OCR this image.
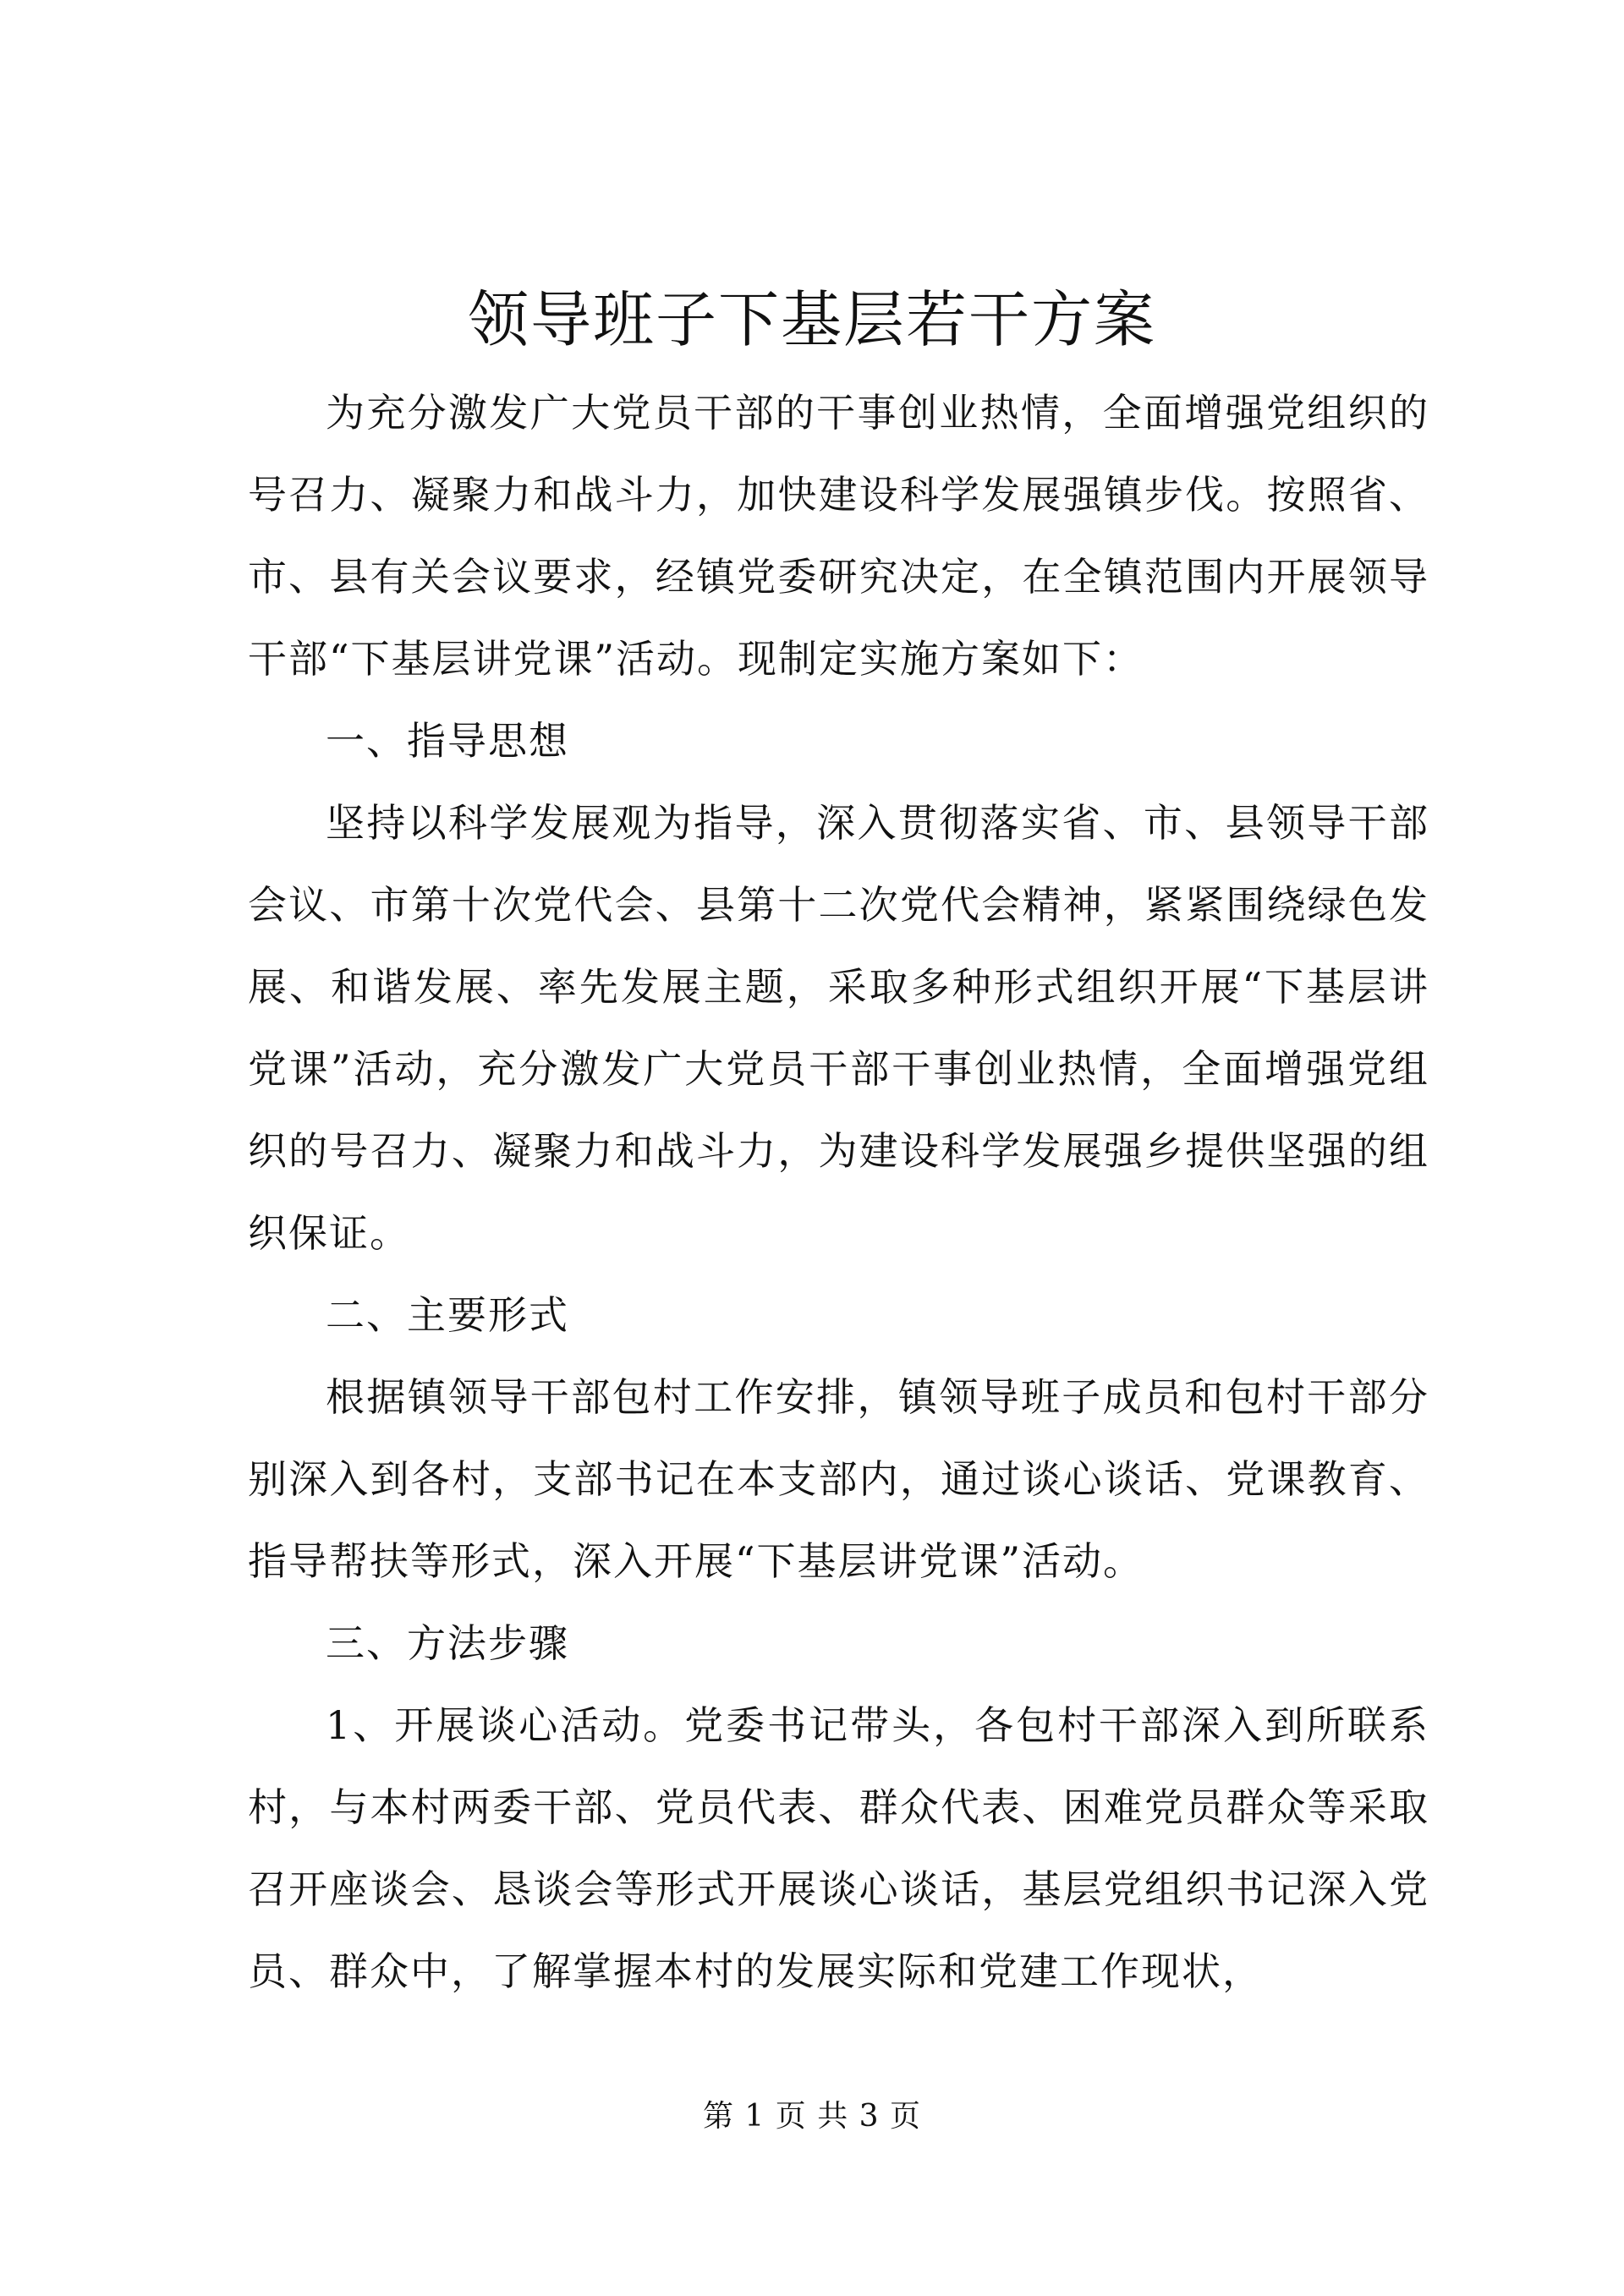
领导班子下基层若干方案

为充分激发广大党员干部的干事创业热情，全面增强党组织的号召力、凝聚力和战斗力，加快建设科学发展强镇步伐。按照省、市、县有关会议要求，经镇党委研究决定，在全镇范围内开展领导干部“下基层讲党课”活动。现制定实施方案如下：

一、指导思想

坚持以科学发展观为指导，深入贯彻落实省、市、县领导干部会议、市第十次党代会、县第十二次党代会精神，紧紧围绕绿色发展、和谐发展、率先发展主题，采取多种形式组织开展“下基层讲党课”活动，充分激发广大党员干部干事创业热情，全面增强党组织的号召力、凝聚力和战斗力，为建设科学发展强乡提供坚强的组织保证。

二、主要形式

根据镇领导干部包村工作安排，镇领导班子成员和包村干部分别深入到各村，支部书记在本支部内，通过谈心谈话、党课教育、指导帮扶等形式，深入开展“下基层讲党课”活动。

三、方法步骤

1、开展谈心活动。党委书记带头，各包村干部深入到所联系村，与本村两委干部、党员代表、群众代表、困难党员群众等采取召开座谈会、恳谈会等形式开展谈心谈话，基层党组织书记深入党员、群众中，了解掌握本村的发展实际和党建工作现状，

第 1 页 共 3 页
